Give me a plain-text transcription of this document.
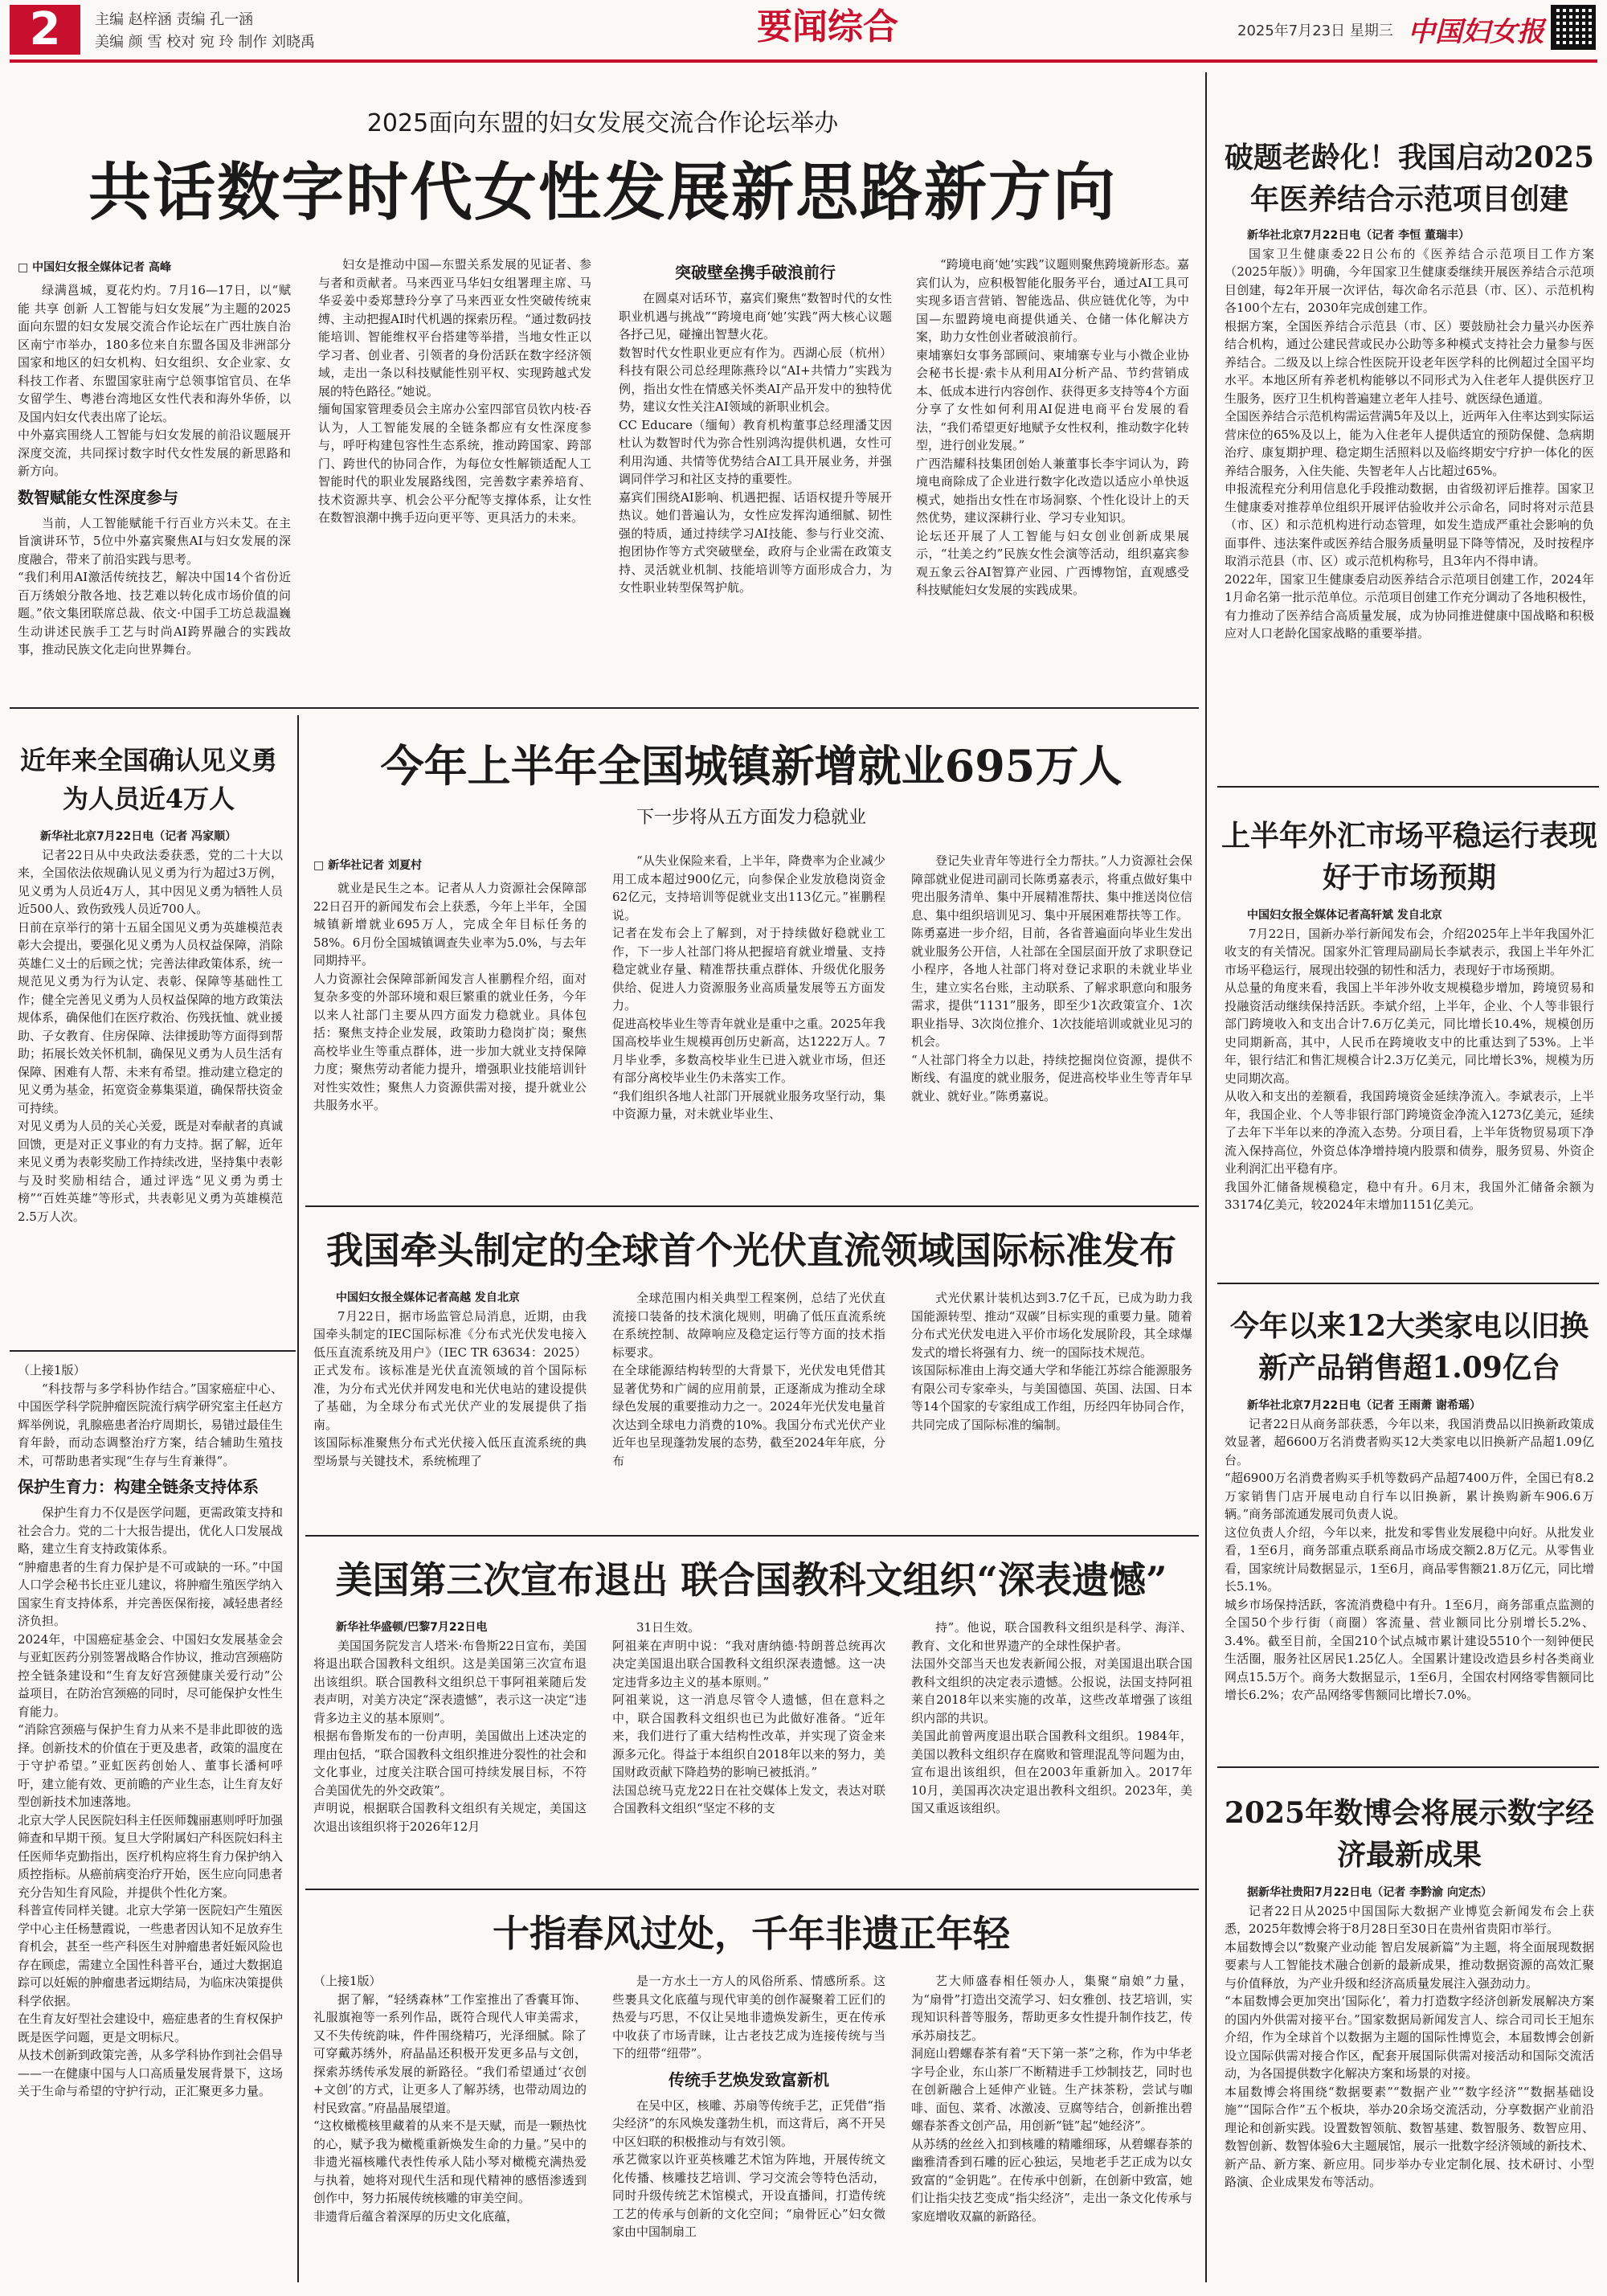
2	主编 赵梓涵 责编 孔一涵
美编 颜 雪 校对 宛 玲 制作 刘晓禹	要闻综合	2025年7月23日 星期三 中国妇女报
2025面向东盟的妇女发展交流合作论坛举办
共话数字时代女性发展新思路新方向
□ 中国妇女报全媒体记者 高峰

绿满邕城，夏花灼灼。7月16—17日，以“赋能 共享 创新 人工智能与妇女发展”为主题的2025面向东盟的妇女发展交流合作论坛在广西壮族自治区南宁市举办，180多位来自东盟各国及非洲部分国家和地区的妇女机构、妇女组织、女企业家、女科技工作者、东盟国家驻南宁总领事馆官员、在华女留学生、粤港台湾地区女性代表和海外华侨，以及国内妇女代表出席了论坛。
中外嘉宾围绕人工智能与妇女发展的前沿议题展开深度交流，共同探讨数字时代女性发展的新思路和新方向。

数智赋能女性深度参与

当前，人工智能赋能千行百业方兴未艾。在主旨演讲环节，5位中外嘉宾聚焦AI与妇女发展的深度融合，带来了前沿实践与思考。
“我们利用AI激活传统技艺，解决中国14个省份近百万绣娘分散各地、技艺难以转化成市场价值的问题。”依文集团联席总裁、依文·中国手工坊总裁温巍生动讲述民族手工艺与时尚AI跨界融合的实践故事，推动民族文化走向世界舞台。

妇女是推动中国—东盟关系发展的见证者、参与者和贡献者。马来西亚马华妇女组署理主席、马华妥姜中委郑慧玲分享了马来西亚女性突破传统束缚、主动把握AI时代机遇的探索历程。“通过数码技能培训、智能维权平台搭建等举措，当地女性正以学习者、创业者、引领者的身份活跃在数字经济领域，走出一条以科技赋能性别平权、实现跨越式发展的特色路径。”她说。
缅甸国家管理委员会主席办公室四部官员钦内枝·吞认为，人工智能发展的全链条都应有女性深度参与，呼吁构建包容性生态系统，推动跨国家、跨部门、跨世代的协同合作，为每位女性解锁适配人工智能时代的职业发展路线图，完善数字素养培育、技术资源共享、机会公平分配等支撑体系，让女性在数智浪潮中携手迈向更平等、更具活力的未来。

突破壁垒携手破浪前行

在圆桌对话环节，嘉宾们聚焦“数智时代的女性职业机遇与挑战”“跨境电商‘她’实践”两大核心议题各抒己见，碰撞出智慧火花。
数智时代女性职业更应有作为。西湖心辰（杭州）科技有限公司总经理陈燕玲以“AI+共情力”实践为例，指出女性在情感关怀类AI产品开发中的独特优势，建议女性关注AI领域的新职业机会。
CC Educare（缅甸）教育机构董事总经理潘艾因杜认为数智时代为弥合性别鸿沟提供机遇，女性可利用沟通、共情等优势结合AI工具开展业务，并强调同伴学习和社区支持的重要性。
嘉宾们围绕AI影响、机遇把握、话语权提升等展开热议。她们普遍认为，女性应发挥沟通细腻、韧性强的特质，通过持续学习AI技能、参与行业交流、抱团协作等方式突破壁垒，政府与企业需在政策支持、灵活就业机制、技能培训等方面形成合力，为女性职业转型保驾护航。

“跨境电商‘她’实践”议题则聚焦跨境新形态。嘉宾们认为，应积极智能化服务平台，通过AI工具可实现多语言营销、智能选品、供应链优化等，为中国—东盟跨境电商提供通关、仓储一体化解决方案，助力女性创业者破浪前行。
柬埔寨妇女事务部顾问、柬埔寨专业与小微企业协会秘书长提·索卡从利用AI分析产品、节约营销成本、低成本进行内容创作、获得更多支持等4个方面分享了女性如何利用AI促进电商平台发展的看法，“我们希望更好地赋予女性权利，推动数字化转型，进行创业发展。”
广西浩耀科技集团创始人兼董事长李宇词认为，跨境电商除成了企业进行数字化改造以适应小单快返模式，她指出女性在市场洞察、个性化设计上的天然优势，建议深耕行业、学习专业知识。
论坛还开展了人工智能与妇女创业创新成果展示，“壮美之约”民族女性会演等活动，组织嘉宾参观五象云谷AI智算产业园、广西博物馆，直观感受科技赋能妇女发展的实践成果。

破题老龄化！我国启动2025年医养结合示范项目创建

新华社北京7月22日电（记者 李恒 董瑞丰）

国家卫生健康委22日公布的《医养结合示范项目工作方案（2025年版）》明确，今年国家卫生健康委继续开展医养结合示范项目创建，每2年开展一次评估，每次命名示范县（市、区）、示范机构各100个左右，2030年完成创建工作。
根据方案，全国医养结合示范县（市、区）要鼓励社会力量兴办医养结合机构，通过公建民营或民办公助等多种模式支持社会力量参与医养结合。二级及以上综合性医院开设老年医学科的比例超过全国平均水平。本地区所有养老机构能够以不同形式为入住老年人提供医疗卫生服务，医疗卫生机构普遍建立老年人挂号、就医绿色通道。
全国医养结合示范机构需运营满5年及以上，近两年入住率达到实际运营床位的65%及以上，能为入住老年人提供适宜的预防保健、急病期治疗、康复期护理、稳定期生活照料以及临终期安宁疗护一体化的医养结合服务，入住失能、失智老年人占比超过65%。
申报流程充分利用信息化手段推动数据，由省级初评后推荐。国家卫生健康委对推荐单位组织开展评估验收并公示命名，同时将对示范县（市、区）和示范机构进行动态管理，如发生造成严重社会影响的负面事件、违法案件或医养结合服务质量明显下降等情况，及时按程序取消示范县（市、区）或示范机构称号，且3年内不得申请。
2022年，国家卫生健康委启动医养结合示范项目创建工作，2024年1月命名第一批示范单位。示范项目创建工作充分调动了各地积极性，有力推动了医养结合高质量发展，成为协同推进健康中国战略和积极应对人口老龄化国家战略的重要举措。

近年来全国确认见义勇为人员近4万人

新华社北京7月22日电（记者 冯家顺）

记者22日从中央政法委获悉，党的二十大以来，全国依法依规确认见义勇为行为超过3万例，见义勇为人员近4万人，其中因见义勇为牺牲人员近500人、致伤致残人员近700人。
日前在京举行的第十五届全国见义勇为英雄模范表彰大会提出，要强化见义勇为人员权益保障，消除英雄仁义士的后顾之忧；完善法律政策体系，统一规范见义勇为行为认定、表彰、保障等基础性工作；健全完善见义勇为人员权益保障的地方政策法规体系，确保他们在医疗救治、伤残抚恤、就业援助、子女教育、住房保障、法律援助等方面得到帮助；拓展长效关怀机制，确保见义勇为人员生活有保障、困难有人帮、未来有希望。推动建立稳定的见义勇为基金，拓宽资金募集渠道，确保帮扶资金可持续。
对见义勇为人员的关心关爱，既是对奉献者的真诚回馈，更是对正义事业的有力支持。据了解，近年来见义勇为表彰奖励工作持续改进，坚持集中表彰与及时奖励相结合，通过评选“见义勇为勇士榜”“百姓英雄”等形式，共表彰见义勇为英雄模范2.5万人次。

今年上半年全国城镇新增就业695万人
下一步将从五方面发力稳就业
□ 新华社记者 刘夏村

就业是民生之本。记者从人力资源社会保障部22日召开的新闻发布会上获悉，今年上半年，全国城镇新增就业695万人，完成全年目标任务的58%。6月份全国城镇调查失业率为5.0%，与去年同期持平。
人力资源社会保障部新闻发言人崔鹏程介绍，面对复杂多变的外部环境和艰巨繁重的就业任务，今年以来人社部门主要从四方面发力稳就业。具体包括：聚焦支持企业发展，政策助力稳岗扩岗；聚焦高校毕业生等重点群体，进一步加大就业支持保障力度；聚焦劳动者能力提升，增强职业技能培训针对性实效性；聚焦人力资源供需对接，提升就业公共服务水平。

“从失业保险来看，上半年，降费率为企业减少用工成本超过900亿元，向参保企业发放稳岗资金62亿元，支持培训等促就业支出113亿元。”崔鹏程说。
记者在发布会上了解到，对于持续做好稳就业工作，下一步人社部门将从把握培育就业增量、支持稳定就业存量、精准帮扶重点群体、升级优化服务供给、促进人力资源服务业高质量发展等五方面发力。
促进高校毕业生等青年就业是重中之重。2025年我国高校毕业生规模再创历史新高，达1222万人。7月毕业季，多数高校毕业生已进入就业市场，但还有部分离校毕业生仍未落实工作。
“我们组织各地人社部门开展就业服务攻坚行动，集中资源力量，对未就业毕业生、

登记失业青年等进行全力帮扶。”人力资源社会保障部就业促进司副司长陈勇嘉表示，将重点做好集中兜出服务清单、集中开展精准帮扶、集中推送岗位信息、集中组织培训见习、集中开展困难帮扶等工作。
陈勇嘉进一步介绍，目前，各省普遍面向毕业生发出就业服务公开信，人社部在全国层面开放了求职登记小程序，各地人社部门将对登记求职的未就业毕业生，建立实名台账，主动联系、了解求职意向和服务需求，提供“1131”服务，即至少1次政策宣介、1次职业指导、3次岗位推介、1次技能培训或就业见习的机会。
“人社部门将全力以赴，持续挖掘岗位资源，提供不断线、有温度的就业服务，促进高校毕业生等青年早就业、就好业。”陈勇嘉说。

我国牵头制定的全球首个光伏直流领域国际标准发布

中国妇女报全媒体记者高越 发自北京

7月22日，据市场监管总局消息，近期，由我国牵头制定的IEC国际标准《分布式光伏发电接入低压直流系统及用户》（IEC TR 63634：2025）正式发布。该标准是光伏直流领域的首个国际标准，为分布式光伏并网发电和光伏电站的建设提供了基础，为全球分布式光伏产业的发展提供了指南。
该国际标准聚焦分布式光伏接入低压直流系统的典型场景与关键技术，系统梳理了

全球范围内相关典型工程案例，总结了光伏直流接口装备的技术演化规则，明确了低压直流系统在系统控制、故障响应及稳定运行等方面的技术指标要求。
在全球能源结构转型的大背景下，光伏发电凭借其显著优势和广阔的应用前景，正逐渐成为推动全球绿色发展的重要推动力之一。2024年光伏发电量首次达到全球电力消费的10%。我国分布式光伏产业近年也呈现蓬勃发展的态势，截至2024年年底，分布

式光伏累计装机达到3.7亿千瓦，已成为助力我国能源转型、推动“双碳”目标实现的重要力量。随着分布式光伏发电进入平价市场化发展阶段，其全球爆发式的增长将强有力、统一的国际技术规范。
该国际标准由上海交通大学和华能江苏综合能源服务有限公司专家牵头，与美国德国、英国、法国、日本等14个国家的专家组成工作组，历经四年协同合作，共同完成了国际标准的编制。

上半年外汇市场平稳运行表现好于市场预期

中国妇女报全媒体记者高轩斌 发自北京

7月22日，国新办举行新闻发布会，介绍2025年上半年我国外汇收支的有关情况。国家外汇管理局副局长李斌表示，我国上半年外汇市场平稳运行，展现出较强的韧性和活力，表现好于市场预期。
从总量的角度来看，我国上半年涉外收支规模稳步增加，跨境贸易和投融资活动继续保持活跃。李斌介绍，上半年，企业、个人等非银行部门跨境收入和支出合计7.6万亿美元，同比增长10.4%，规模创历史同期新高，其中，人民币在跨境收支中的比重达到了53%。上半年，银行结汇和售汇规模合计2.3万亿美元，同比增长3%，规模为历史同期次高。
从收入和支出的差额看，我国跨境资金延续净流入。李斌表示，上半年，我国企业、个人等非银行部门跨境资金净流入1273亿美元，延续了去年下半年以来的净流入态势。分项目看，上半年货物贸易项下净流入保持高位，外资总体净增持境内股票和债券，服务贸易、外资企业利润汇出平稳有序。
我国外汇储备规模稳定，稳中有升。6月末，我国外汇储备余额为33174亿美元，较2024年末增加1151亿美元。

今年以来12大类家电以旧换新产品销售超1.09亿台

新华社北京7月22日电（记者 王雨萧 谢希瑶）

记者22日从商务部获悉，今年以来，我国消费品以旧换新政策成效显著，超6600万名消费者购买12大类家电以旧换新产品超1.09亿台。
“超6900万名消费者购买手机等数码产品超7400万件，全国已有8.2万家销售门店开展电动自行车以旧换新，累计换购新车906.6万辆。”商务部流通发展司负责人说。
这位负责人介绍，今年以来，批发和零售业发展稳中向好。从批发业看，1至6月，商务部重点联系商品市场成交额2.8万亿元。从零售业看，国家统计局数据显示，1至6月，商品零售额21.8万亿元，同比增长5.1%。
城乡市场保持活跃，客流消费稳中有升。1至6月，商务部重点监测的全国50个步行街（商圈）客流量、营业额同比分别增长5.2%、3.4%。截至目前，全国210个试点城市累计建设5510个一刻钟便民生活圈，服务社区居民1.25亿人。全国累计建设改造县乡村各类商业网点15.5万个。商务大数据显示，1至6月，全国农村网络零售额同比增长6.2%；农产品网络零售额同比增长7.0%。

2025年数博会将展示数字经济最新成果

据新华社贵阳7月22日电（记者 李黔渝 向定杰）

记者22日从2025中国国际大数据产业博览会新闻发布会上获悉，2025年数博会将于8月28日至30日在贵州省贵阳市举行。
本届数博会以“数聚产业动能 智启发展新篇”为主题，将全面展现数据要素与人工智能技术融合创新的最新成果，推动数据资源的高效汇聚与价值释放，为产业升级和经济高质量发展注入强劲动力。
“本届数博会更加突出‘国际化’，着力打造数字经济创新发展解决方案的国内外供需对接平台。”国家数据局新闻发言人、综合司司长王旭东介绍，作为全球首个以数据为主题的国际性博览会，本届数博会创新设立国际供需对接合作区，配套开展国际供需对接活动和国际交流活动，为各国提供数字化解决方案和场景的对接。
本届数博会将围绕“数据要素”“数据产业”“数字经济”“数据基础设施”“国际合作”五个板块，举办20余场交流活动，分享数据产业前沿理论和创新实践。设置数智领航、数智基建、数智服务、数智应用、数智创新、数智体验6大主题展馆，展示一批数字经济领域的新技术、新产品、新方案、新应用。同步举办专业定制化展、技术研讨、小型路演、企业成果发布等活动。

（上接1版）

“科技帮与多学科协作结合。”国家癌症中心、中国医学科学院肿瘤医院流行病学研究室主任赵方辉举例说，乳腺癌患者治疗周期长，易错过最佳生育年龄，而动态调整治疗方案，结合辅助生殖技术，可帮助患者实现“生存与生育兼得”。

保护生育力：构建全链条支持体系

保护生育力不仅是医学问题，更需政策支持和社会合力。党的二十大报告提出，优化人口发展战略，建立生育支持政策体系。
“肿瘤患者的生育力保护是不可或缺的一环。”中国人口学会秘书长庄亚儿建议，将肿瘤生殖医学纳入国家生育支持体系，并完善医保衔接，减轻患者经济负担。
2024年，中国癌症基金会、中国妇女发展基金会与亚虹医药分别签署战略合作协议，推动宫颈癌防控全链条建设和“生育友好宫颈健康关爱行动”公益项目，在防治宫颈癌的同时，尽可能保护女性生育能力。
“消除宫颈癌与保护生育力从来不是非此即彼的选择。创新技术的价值在于更及患者，政策的温度在于守护希望。”亚虹医药创始人、董事长潘柯呼吁，建立能有效、更前瞻的产业生态，让生育友好型创新技术加速落地。
北京大学人民医院妇科主任医师魏丽惠则呼吁加强筛查和早期干预。复旦大学附属妇产科医院妇科主任医师华克勤指出，医疗机构应将生育力保护纳入质控指标。从癌前病变治疗开始，医生应向同患者充分告知生育风险，并提供个性化方案。
科普宣传同样关键。北京大学第一医院妇产生殖医学中心主任杨慧霞说，一些患者因认知不足放弃生育机会，甚至一些产科医生对肿瘤患者妊娠风险也存在顾虑，需建立全国性科普平台，通过大数据追踪可以妊娠的肿瘤患者远期结局，为临床决策提供科学依据。
在生育友好型社会建设中，癌症患者的生育权保护既是医学问题，更是文明标尺。
从技术创新到政策完善，从多学科协作到社会倡导——一在健康中国与人口高质量发展背景下，这场关于生命与希望的守护行动，正汇聚更多力量。

美国第三次宣布退出 联合国教科文组织“深表遗憾”

新华社华盛顿/巴黎7月22日电

美国国务院发言人塔米·布鲁斯22日宣布，美国将退出联合国教科文组织。这是美国第三次宣布退出该组织。联合国教科文组织总干事阿祖莱随后发表声明，对美方决定“深表遗憾”，表示这一决定“违背多边主义的基本原则”。
根据布鲁斯发布的一份声明，美国做出上述决定的理由包括，“联合国教科文组织推进分裂性的社会和文化事业，过度关注联合国可持续发展目标，不符合美国优先的外交政策”。
声明说，根据联合国教科文组织有关规定，美国这次退出该组织将于2026年12月

31日生效。
阿祖莱在声明中说：“我对唐纳德·特朗普总统再次决定美国退出联合国教科文组织深表遗憾。这一决定违背多边主义的基本原则。”
阿祖莱说，这一消息尽管令人遗憾，但在意料之中，联合国教科文组织也已为此做好准备。“近年来，我们进行了重大结构性改革，并实现了资金来源多元化。得益于本组织自2018年以来的努力，美国财政贡献下降趋势的影响已被抵消。”
法国总统马克龙22日在社交媒体上发文，表达对联合国教科文组织“坚定不移的支

持”。他说，联合国教科文组织是科学、海洋、教育、文化和世界遗产的全球性保护者。
法国外交部当天也发表新闻公报，对美国退出联合国教科文组织的决定表示遗憾。公报说，法国支持阿祖莱自2018年以来实施的改革，这些改革增强了该组织内部的共识。
美国此前曾两度退出联合国教科文组织。1984年，美国以教科文组织存在腐败和管理混乱等问题为由，宣布退出该组织，但在2003年重新加入。2017年10月，美国再次决定退出教科文组织。2023年，美国又重返该组织。

十指春风过处，千年非遗正年轻

（上接1版）

据了解，“轻绣森林”工作室推出了香囊耳饰、礼服旗袍等一系列作品，既符合现代人审美需求，又不失传统韵味，件件围绕精巧，光泽细腻。除了可穿戴苏绣外，府晶晶还积极开发更多品与文创，探索苏绣传承发展的新路径。“我们希望通过‘衣创+文创’的方式，让更多人了解苏绣，也带动周边的村民致富。”府晶晶展望道。
“这枚橄榄核里藏着的从来不是天赋，而是一颗热忱的心，赋予我为橄榄重新焕发生命的力量。”吴中的非遗光福核雕代表性传承人陆小琴对橄榄充满热爱与执着，她将对现代生活和现代精神的感悟渗透到创作中，努力拓展传统核雕的审美空间。
非遗背后蕴含着深厚的历史文化底蕴，

是一方水土一方人的风俗所系、情感所系。这些裹具文化底蕴与现代审美的创作凝聚着工匠们的热爱与巧思，不仅让吴地非遗焕发新生，更在传承中收获了市场青睐，让古老技艺成为连接传统与当下的纽带“纽带”。

传统手艺焕发致富新机

在吴中区，核雕、苏扇等传统手艺，正凭借“指尖经济”的东风焕发蓬勃生机，而这背后，离不开吴中区妇联的积极推动与有效引领。
承艺微家以许亚英核雕艺术馆为阵地，开展传统文化传播、核雕技艺培训、学习交流会等特色活动，同时升级传统艺术馆模式，开设直播间，打造传统工艺的传承与创新的文化空间；“扇骨匠心”妇女微家由中国制扇工

艺大师盛春相任领办人，集聚“扇娘”力量，为“扇骨”打造出交流学习、妇女雅创、技艺培训，实现知识科普等服务，帮助更多女性提升制作技艺，传承苏扇技艺。
洞庭山碧螺春茶有着“天下第一茶”之称，作为中华老字号企业，东山茶厂不断精进手工炒制技艺，同时也在创新融合上延伸产业链。生产抹茶粉，尝试与咖啡、面包、菜肴、冰激凌、豆腐等结合，创新推出碧螺春茶香文创产品，用创新“链”起“她经济”。
从苏绣的丝丝入扣到核雕的精雕细琢，从碧螺春茶的幽雅清香到石雕的匠心独运，吴地老手艺正成为以女致富的“金钥匙”。在传承中创新，在创新中致富，她们让指尖技艺变成“指尖经济”，走出一条文化传承与家庭增收双赢的新路径。
